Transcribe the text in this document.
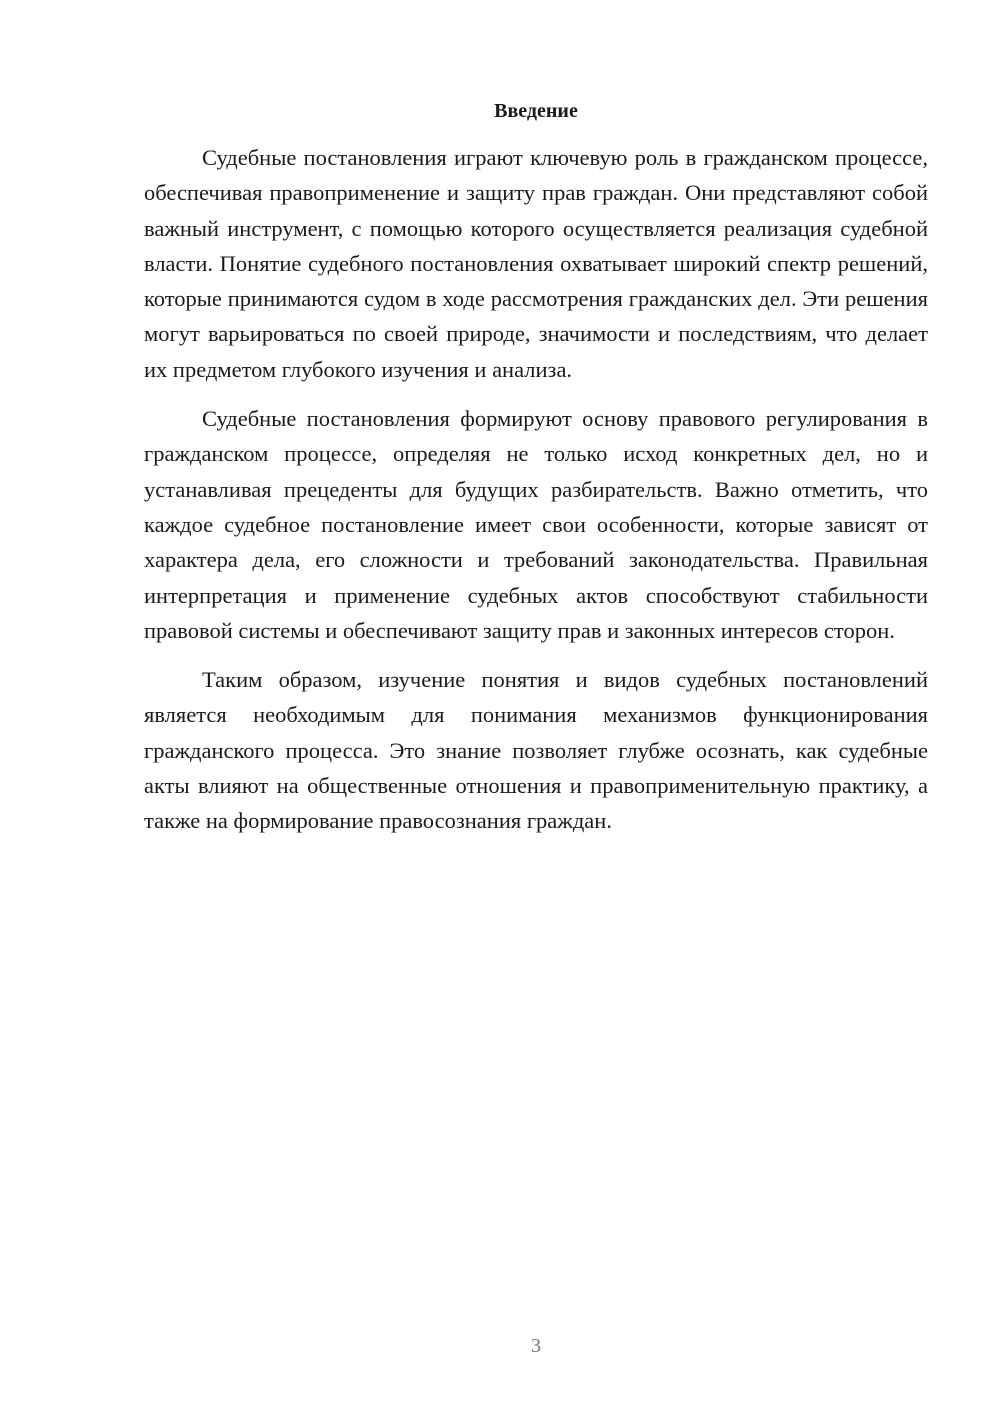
Введение

Судебные постановления играют ключевую роль в гражданском процессе, обеспечивая правоприменение и защиту прав граждан. Они представляют собой важный инструмент, с помощью которого осуществляется реализация судебной власти. Понятие судебного постановления охватывает широкий спектр решений, которые принимаются судом в ходе рассмотрения гражданских дел. Эти решения могут варьироваться по своей природе, значимости и последствиям, что делает их предметом глубокого изучения и анализа.

Судебные постановления формируют основу правового регулирования в гражданском процессе, определяя не только исход конкретных дел, но и устанавливая прецеденты для будущих разбирательств. Важно отметить, что каждое судебное постановление имеет свои особенности, которые зависят от характера дела, его сложности и требований законодательства. Правильная интерпретация и применение судебных актов способствуют стабильности правовой системы и обеспечивают защиту прав и законных интересов сторон.

Таким образом, изучение понятия и видов судебных постановлений является необходимым для понимания механизмов функционирования гражданского процесса. Это знание позволяет глубже осознать, как судебные акты влияют на общественные отношения и правоприменительную практику, а также на формирование правосознания граждан.

3
